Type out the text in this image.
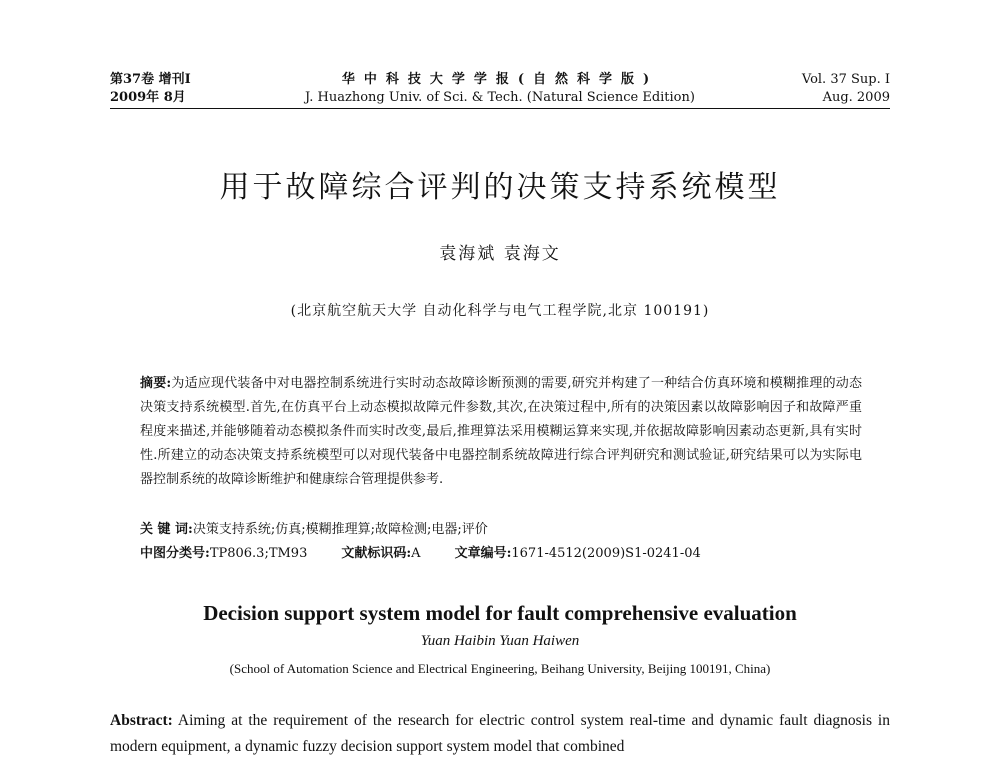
第37卷 增刊Ⅰ	华中科技大学学报(自然科学版)	Vol. 37 Sup. Ⅰ
2009年 8月	J. Huazhong Univ. of Sci. & Tech. (Natural Science Edition)	Aug. 2009
用于故障综合评判的决策支持系统模型
袁海斌 袁海文
(北京航空航天大学 自动化科学与电气工程学院,北京 100191)
摘要:为适应现代装备中对电器控制系统进行实时动态故障诊断预测的需要,研究并构建了一种结合仿真环境和模糊推理的动态决策支持系统模型.首先,在仿真平台上动态模拟故障元件参数,其次,在决策过程中,所有的决策因素以故障影响因子和故障严重程度来描述,并能够随着动态模拟条件而实时改变,最后,推理算法采用模糊运算来实现,并依据故障影响因素动态更新,具有实时性.所建立的动态决策支持系统模型可以对现代装备中电器控制系统故障进行综合评判研究和测试验证,研究结果可以为实际电器控制系统的故障诊断维护和健康综合管理提供参考.
关 键 词:决策支持系统;仿真;模糊推理算;故障检测;电器;评价
中图分类号:TP806.3;TM93	文献标识码:A	文章编号:1671-4512(2009)S1-0241-04
Decision support system model for fault comprehensive evaluation
Yuan Haibin Yuan Haiwen
(School of Automation Science and Electrical Engineering, Beihang University, Beijing 100191, China)
Abstract: Aiming at the requirement of the research for electric control system real-time and dynamic fault diagnosis in modern equipment, a dynamic fuzzy decision support system model that combined
